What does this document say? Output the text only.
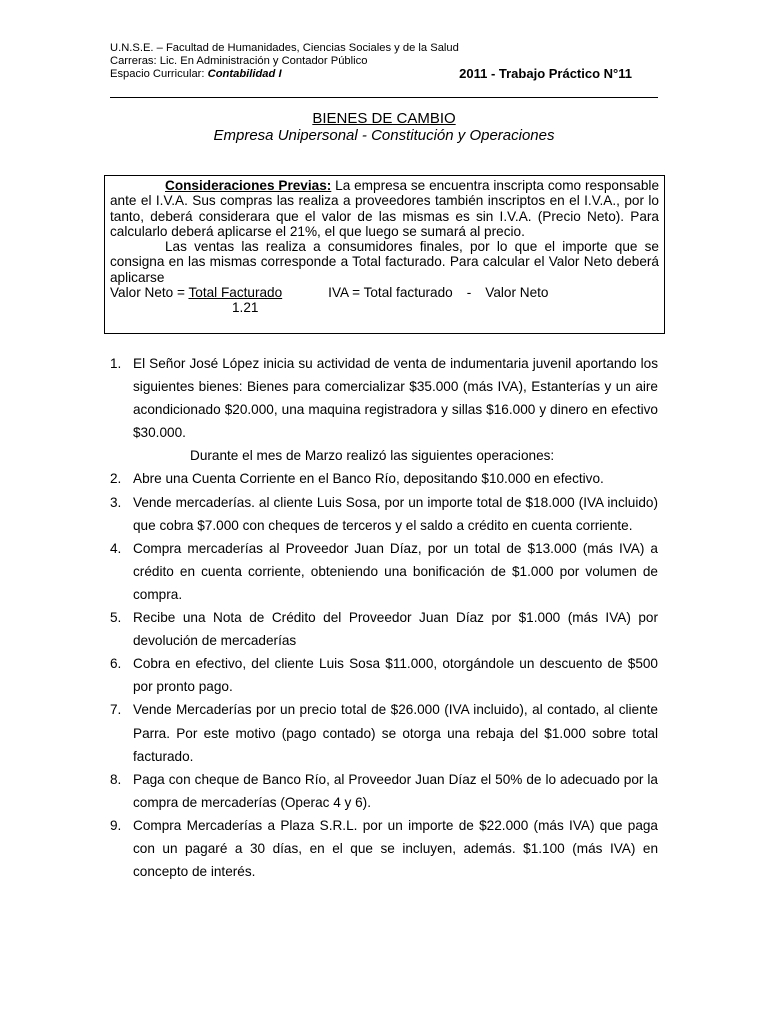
U.N.S.E. – Facultad de Humanidades, Ciencias Sociales y de la Salud
Carreras: Lic. En Administración y Contador Público
Espacio Curricular: Contabilidad I	2011 - Trabajo Práctico N°11
BIENES DE CAMBIO
Empresa Unipersonal - Constitución y Operaciones

Consideraciones Previas: La empresa se encuentra inscripta como responsable ante el I.V.A. Sus compras las realiza a proveedores también inscriptos en el I.V.A., por lo tanto, deberá considerara que el valor de las mismas es sin I.V.A. (Precio Neto). Para calcularlo deberá aplicarse el 21%, el que luego se sumará al precio.

Las ventas las realiza a consumidores finales, por lo que el importe que se consigna en las mismas corresponde a Total facturado. Para calcular el Valor Neto deberá aplicarse

Valor Neto = Total Facturado	IVA = Total facturado - Valor Neto
1.21
1. El Señor José López inicia su actividad de venta de indumentaria juvenil aportando los siguientes bienes: Bienes para comercializar $35.000 (más IVA), Estanterías y un aire acondicionado $20.000, una maquina registradora y sillas $16.000 y dinero en efectivo $30.000.
Durante el mes de Marzo realizó las siguientes operaciones:
2. Abre una Cuenta Corriente en el Banco Río, depositando $10.000 en efectivo.
3. Vende mercaderías. al cliente Luis Sosa, por un importe total de $18.000 (IVA incluido) que cobra $7.000 con cheques de terceros y el saldo a crédito en cuenta corriente.
4. Compra mercaderías al Proveedor Juan Díaz, por un total de $13.000 (más IVA) a crédito en cuenta corriente, obteniendo una bonificación de $1.000 por volumen de compra.
5. Recibe una Nota de Crédito del Proveedor Juan Díaz por $1.000 (más IVA) por devolución de mercaderías
6. Cobra en efectivo, del cliente Luis Sosa $11.000, otorgándole un descuento de $500 por pronto pago.
7. Vende Mercaderías por un precio total de $26.000 (IVA incluido), al contado, al cliente Parra. Por este motivo (pago contado) se otorga una rebaja del $1.000 sobre total facturado.
8. Paga con cheque de Banco Río, al Proveedor Juan Díaz el 50% de lo adecuado por la compra de mercaderías (Operac 4 y 6).
9. Compra Mercaderías a Plaza S.R.L. por un importe de $22.000 (más IVA) que paga con un pagaré a 30 días, en el que se incluyen, además. $1.100 (más IVA) en concepto de interés.
